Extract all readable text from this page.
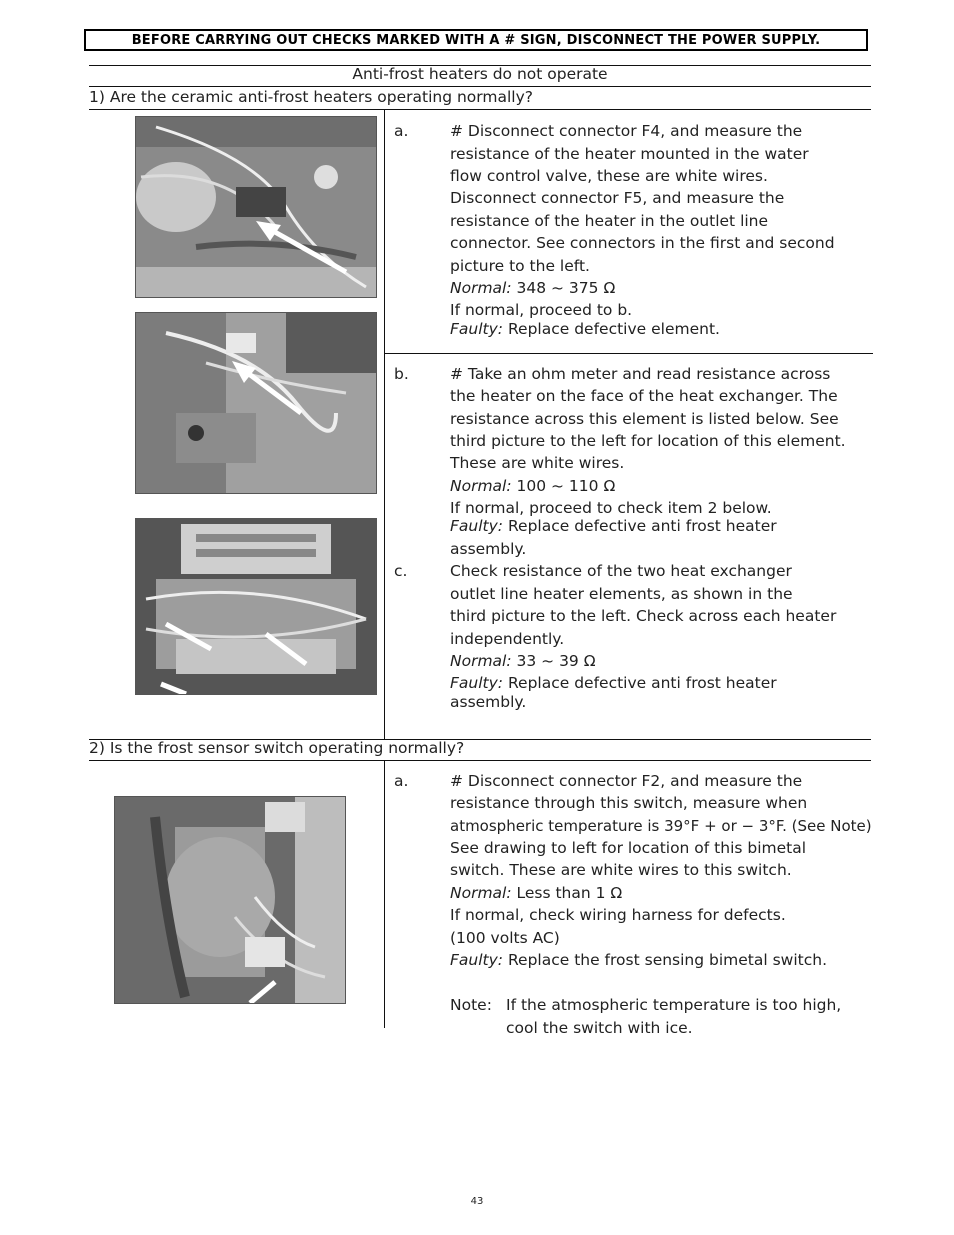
BEFORE CARRYING OUT CHECKS MARKED WITH A # SIGN, DISCONNECT THE POWER SUPPLY.
Anti-frost heaters do not operate
1) Are the ceramic anti-frost heaters operating normally?
a.	# Disconnect connector F4, and measure the
resistance of the heater mounted in the water
flow control valve, these are white wires.
Disconnect connector F5, and measure the
resistance of the heater in the outlet line
connector. See connectors in the first and second
picture to the left.
Normal: 348 ~ 375 Ω
If normal, proceed to b.
Faulty: Replace defective element.
b.	# Take an ohm meter and read resistance across
the heater on the face of the heat exchanger. The
resistance across this element is listed below. See
third picture to the left for location of this element.
These are white wires.
Normal: 100 ~ 110 Ω
If normal, proceed to check item 2 below.
Faulty: Replace defective anti frost heater
assembly.
c.	Check resistance of the two heat exchanger
outlet line heater elements, as shown in the
third picture to the left. Check across each heater
independently.
Normal: 33 ~ 39 Ω
Faulty: Replace defective anti frost heater
assembly.
2) Is the frost sensor switch operating normally?
a.	# Disconnect connector F2, and measure the
resistance through this switch, measure when
atmospheric temperature is 39°F + or − 3°F. (See Note)
See drawing to left for location of this bimetal
switch. These are white wires to this switch.
Normal: Less than 1 Ω
If normal, check wiring harness for defects.
(100 volts AC)
Faulty: Replace the frost sensing bimetal switch.
Note: If the atmospheric temperature is too high,
cool the switch with ice.
43
